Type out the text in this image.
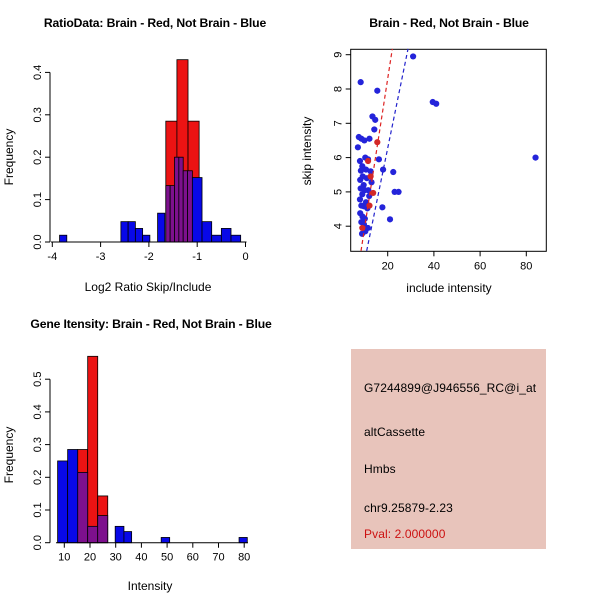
-4	-3	-2	-1	0
0.0
0.1
0.2
0.3
0.4
RatioData: Brain - Red, Not Brain - Blue
Log2 Ratio Skip/Include
Frequency
20	40	60	80
4
5
6
7
8
9
Brain - Red, Not Brain - Blue
include intensity
skip intensity
10 20 30 40 50 60 70 80
0.0
0.1
0.2
0.3
0.4
0.5
Gene Itensity: Brain - Red, Not Brain - Blue
Intensity
Frequency
G7244899@J946556_RC@i_at
altCassette
Hmbs
chr9.25879-2.23
Pval: 2.000000
